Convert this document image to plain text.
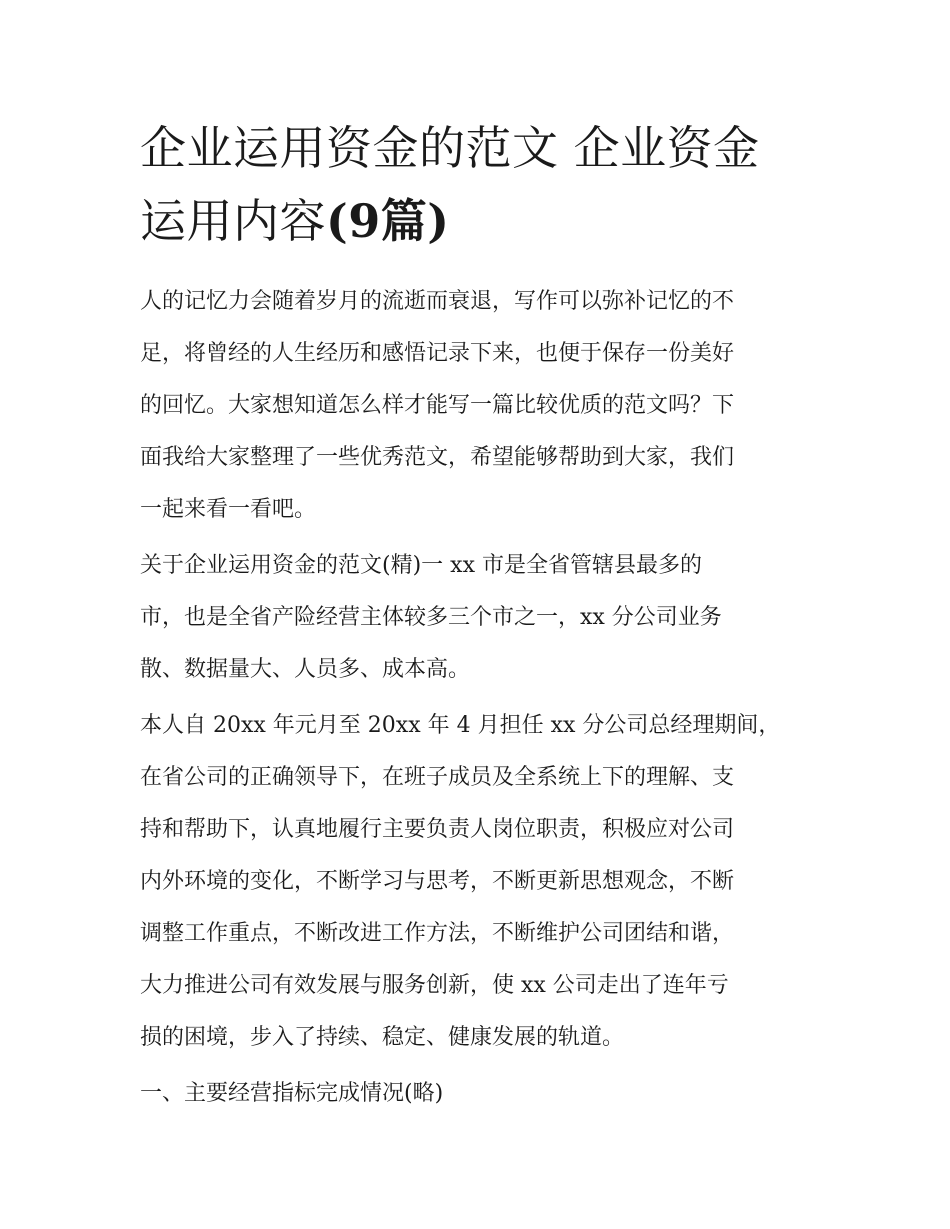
企业运用资金的范文 企业资金
运用内容(9篇)
人的记忆力会随着岁月的流逝而衰退，写作可以弥补记忆的不
足，将曾经的人生经历和感悟记录下来，也便于保存一份美好
的回忆。大家想知道怎么样才能写一篇比较优质的范文吗？下
面我给大家整理了一些优秀范文，希望能够帮助到大家，我们
一起来看一看吧。
关于企业运用资金的范文(精)一 xx 市是全省管辖县最多的
市，也是全省产险经营主体较多三个市之一，xx 分公司业务
散、数据量大、人员多、成本高。
本人自 20xx 年元月至 20xx 年 4 月担任 xx 分公司总经理期间，
在省公司的正确领导下，在班子成员及全系统上下的理解、支
持和帮助下，认真地履行主要负责人岗位职责，积极应对公司
内外环境的变化，不断学习与思考，不断更新思想观念，不断
调整工作重点，不断改进工作方法，不断维护公司团结和谐，
大力推进公司有效发展与服务创新，使 xx 公司走出了连年亏
损的困境，步入了持续、稳定、健康发展的轨道。
一、主要经营指标完成情况(略)
